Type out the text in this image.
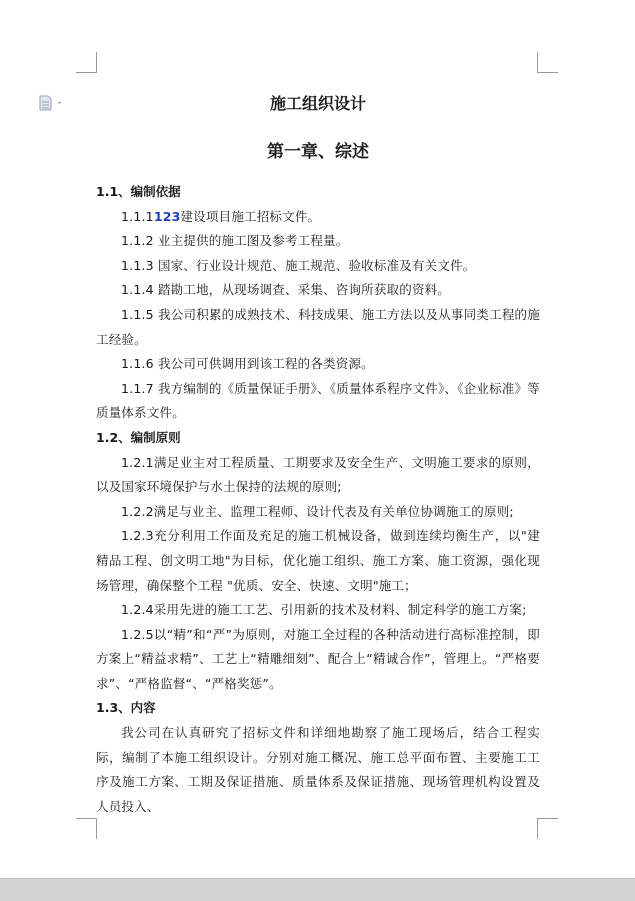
施工组织设计

第一章、综述

1.1、编制依据

1.1.1123建设项目施工招标文件。

1.1.2 业主提供的施工图及参考工程量。

1.1.3 国家、行业设计规范、施工规范、验收标准及有关文件。

1.1.4 踏勘工地，从现场调查、采集、咨询所获取的资料。

1.1.5 我公司积累的成熟技术、科技成果、施工方法以及从事同类工程的施工经验。

1.1.6 我公司可供调用到该工程的各类资源。

1.1.7 我方编制的《质量保证手册》、《质量体系程序文件》、《企业标准》等质量体系文件。

1.2、编制原则

1.2.1满足业主对工程质量、工期要求及安全生产、文明施工要求的原则，以及国家环境保护与水土保持的法规的原则;

1.2.2满足与业主、监理工程师、设计代表及有关单位协调施工的原则;

1.2.3充分利用工作面及充足的施工机械设备，做到连续均衡生产，以"建精品工程、创文明工地"为目标，优化施工组织、施工方案、施工资源，强化现场管理，确保整个工程 "优质、安全、快速、文明"施工；

1.2.4采用先进的施工工艺、引用新的技术及材料、制定科学的施工方案;

1.2.5以“精”和“严”为原则，对施工全过程的各种活动进行高标准控制，即方案上“精益求精”、工艺上“精雕细刻”、配合上“精诚合作”，管理上。“严格要求”、“严格监督“、“严格奖惩”。

1.3、内容

我公司在认真研究了招标文件和详细地勘察了施工现场后，结合工程实际，编制了本施工组织设计。分别对施工概况、施工总平面布置、主要施工工序及施工方案、工期及保证措施、质量体系及保证措施、现场管理机构设置及人员投入、
